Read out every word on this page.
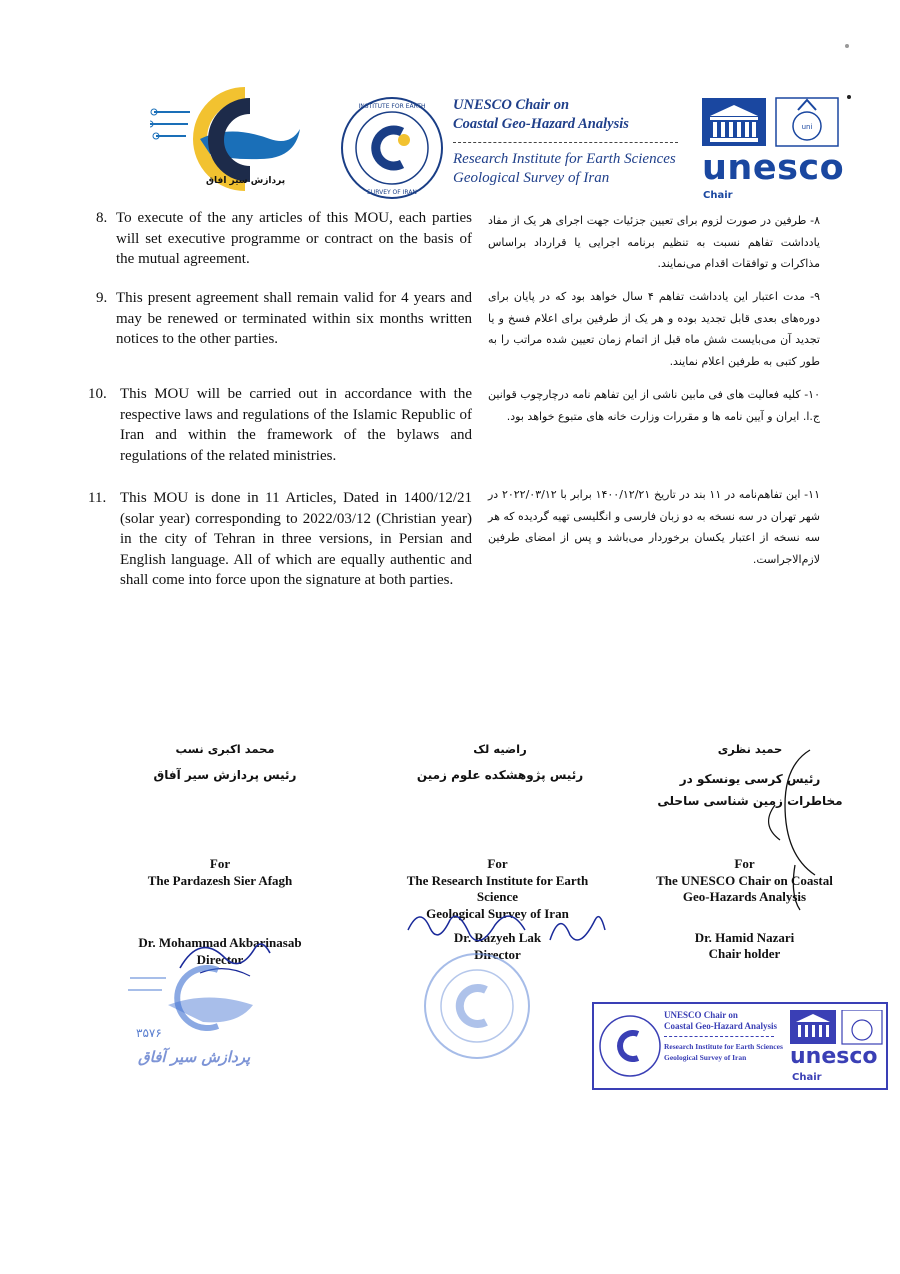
پردازش سیر افاق
INSTITUTE FOR EARTH
SURVEY OF IRAN
UNESCO Chair on
Coastal Geo-Hazard Analysis
Research Institute for Earth Sciences
Geological Survey of Iran
uni
unesco
Chair
8. To execute of the any articles of this MOU, each parties will set executive programme or contract on the basis of the mutual agreement.
9. This present agreement shall remain valid for 4 years and may be renewed or terminated within six months written notices to the other parties.
10. This MOU will be carried out in accordance with the respective laws and regulations of the Islamic Republic of Iran and within the framework of the bylaws and regulations of the related ministries.
11. This MOU is done in 11 Articles, Dated in 1400/12/21 (solar year) corresponding to 2022/03/12 (Christian year) in the city of Tehran in three versions, in Persian and English language. All of which are equally authentic and shall come into force upon the signature at both parties.
۸- طرفین در صورت لزوم برای تعیین جزئیات جهت اجرای هر یک از مفاد یادداشت تفاهم نسبت به تنظیم برنامه اجرایی یا قرارداد براساس مذاکرات و توافقات اقدام می‌نمایند.
۹- مدت اعتبار این یادداشت تفاهم ۴ سال خواهد بود که در پایان برای دوره‌های بعدی قابل تجدید بوده و هر یک از طرفین برای اعلام فسخ و یا تجدید آن می‌بایست شش ماه قبل از اتمام زمان تعیین شده مراتب را به طور کتبی به طرفین اعلام نمایند.
۱۰- کلیه فعالیت های فی مابین ناشی از این تفاهم نامه درچارچوب قوانین ج.ا. ایران و آیین نامه ها و مقررات وزارت خانه های متبوع خواهد بود.
۱۱- این تفاهم‌نامه در ۱۱ بند در تاریخ ۱۴۰۰/۱۲/۲۱ برابر با ۲۰۲۲/۰۳/۱۲ در شهر تهران در سه نسخه به دو زبان فارسی و انگلیسی تهیه گردیده که هر سه نسخه از اعتبار یکسان برخوردار می‌باشد و پس از امضای طرفین لازم‌الاجراست.
محمد اکبری نسب
رئیس پردازش سیر آفاق
راضیه لک
رئیس پژوهشکده علوم زمین
حمید نظری
رئیس کرسی یونسکو در مخاطرات زمین شناسی ساحلی
For
The Pardazesh Sier Afagh
Dr. Mohammad Akbarinasab
Director
For
The Research Institute for Earth Science
Geological Survey of Iran
Dr. Razyeh Lak
Director
For
The UNESCO Chair on Coastal Geo-Hazards Analysis
Dr. Hamid Nazari
Chair holder
۳۵۷۶
پردازش سیر آفاق
UNESCO Chair on
Coastal Geo-Hazard Analysis
Research Institute for Earth Sciences
Geological Survey of Iran	unesco
Chair
